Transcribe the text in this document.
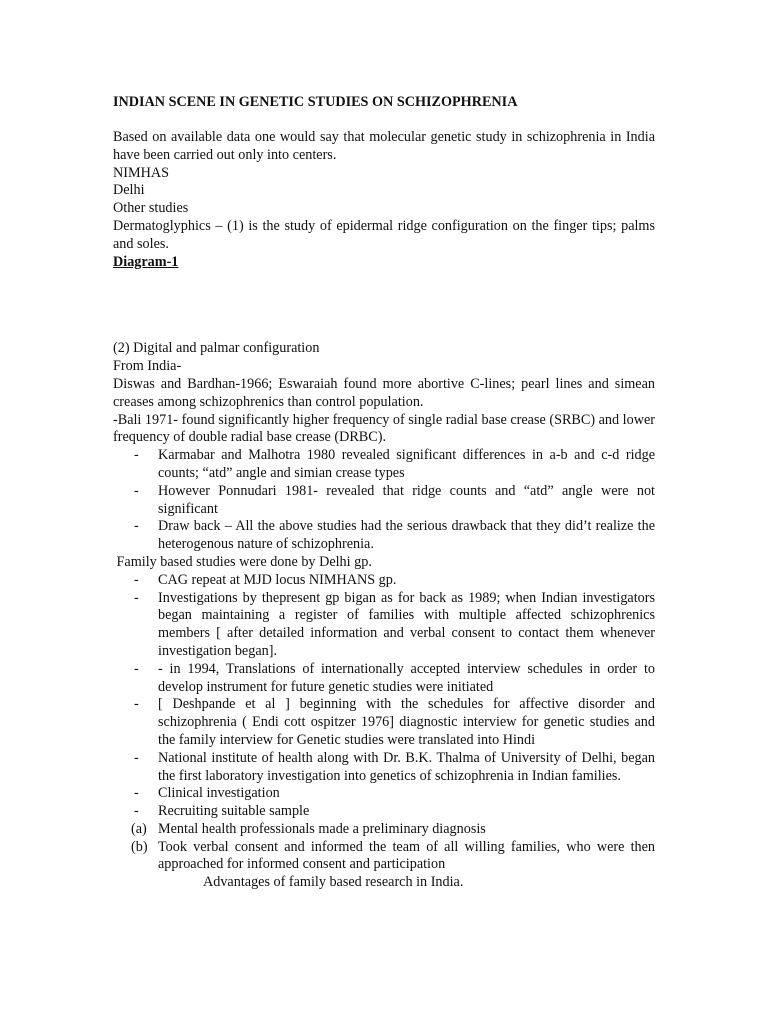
INDIAN SCENE IN GENETIC STUDIES ON SCHIZOPHRENIA

Based on available data one would say that molecular genetic study in schizophrenia in India have been carried out only into centers.

NIMHAS

Delhi

Other studies

Dermatoglyphics – (1) is the study of epidermal ridge configuration on the finger tips; palms and soles.

Diagram-1

(2) Digital and palmar configuration

From India-

Diswas and Bardhan-1966; Eswaraiah found more abortive C-lines; pearl lines and simean creases among schizophrenics than control population.

-Bali 1971- found significantly higher frequency of single radial base crease (SRBC) and lower frequency of double radial base crease (DRBC).

- Karmabar and Malhotra 1980 revealed significant differences in a-b and c-d ridge counts; “atd” angle and simian crease types
- However Ponnudari 1981- revealed that ridge counts and “atd” angle were not significant
- Draw back – All the above studies had the serious drawback that they did’t realize the heterogenous nature of schizophrenia.

Family based studies were done by Delhi gp.

- CAG repeat at MJD locus NIMHANS gp.
- Investigations by thepresent gp bigan as for back as 1989; when Indian investigators began maintaining a register of families with multiple affected schizophrenics members [ after detailed information and verbal consent to contact them whenever investigation began].
- - in 1994, Translations of internationally accepted interview schedules in order to develop instrument for future genetic studies were initiated
- [ Deshpande et al ] beginning with the schedules for affective disorder and schizophrenia ( Endi cott ospitzer 1976] diagnostic interview for genetic studies and the family interview for Genetic studies were translated into Hindi
- National institute of health along with Dr. B.K. Thalma of University of Delhi, began the first laboratory investigation into genetics of schizophrenia in Indian families.
- Clinical investigation
- Recruiting suitable sample
(a) Mental health professionals made a preliminary diagnosis
(b) Took verbal consent and informed the team of all willing families, who were then approached for informed consent and participation

Advantages of family based research in India.
